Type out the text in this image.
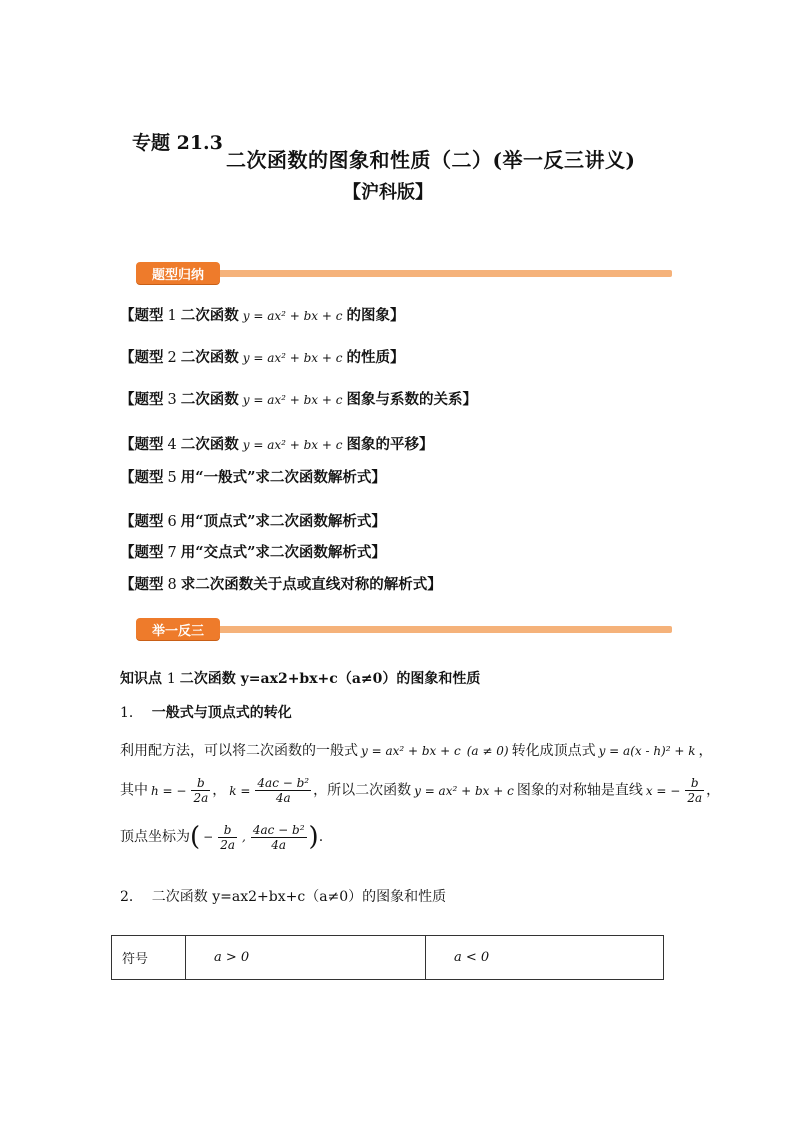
专题 21.3
二次函数的图象和性质（二）(举一反三讲义)
【沪科版】
题型归纳
【题型 1 二次函数 y = ax² + bx + c 的图象】
【题型 2 二次函数 y = ax² + bx + c 的性质】
【题型 3 二次函数 y = ax² + bx + c 图象与系数的关系】
【题型 4 二次函数 y = ax² + bx + c 图象的平移】
【题型 5 用“一般式”求二次函数解析式】
【题型 6 用“顶点式”求二次函数解析式】
【题型 7 用“交点式”求二次函数解析式】
【题型 8 求二次函数关于点或直线对称的解析式】
举一反三
知识点 1 二次函数 y=ax2+bx+c（a≠0）的图象和性质
1． 一般式与顶点式的转化
利用配方法，可以将二次函数的一般式 y = ax² + bx + c (a ≠ 0) 转化成顶点式 y = a(x - h)² + k ，
其中 h = − $\frac{b}{2a}$ ， $k = \frac{\text{4ac − b²}}{4a}$ ，所以二次函数 y = ax² + bx + c 图象的对称轴是直线 x = − $\frac{b}{2a}$ ，
顶点坐标为( − $\frac{b}{2a}$ , $\frac{\text{4ac − b²}}{4a}$ ).
2． 二次函数 y=ax2+bx+c（a≠0）的图象和性质
符号	a > 0	a < 0
